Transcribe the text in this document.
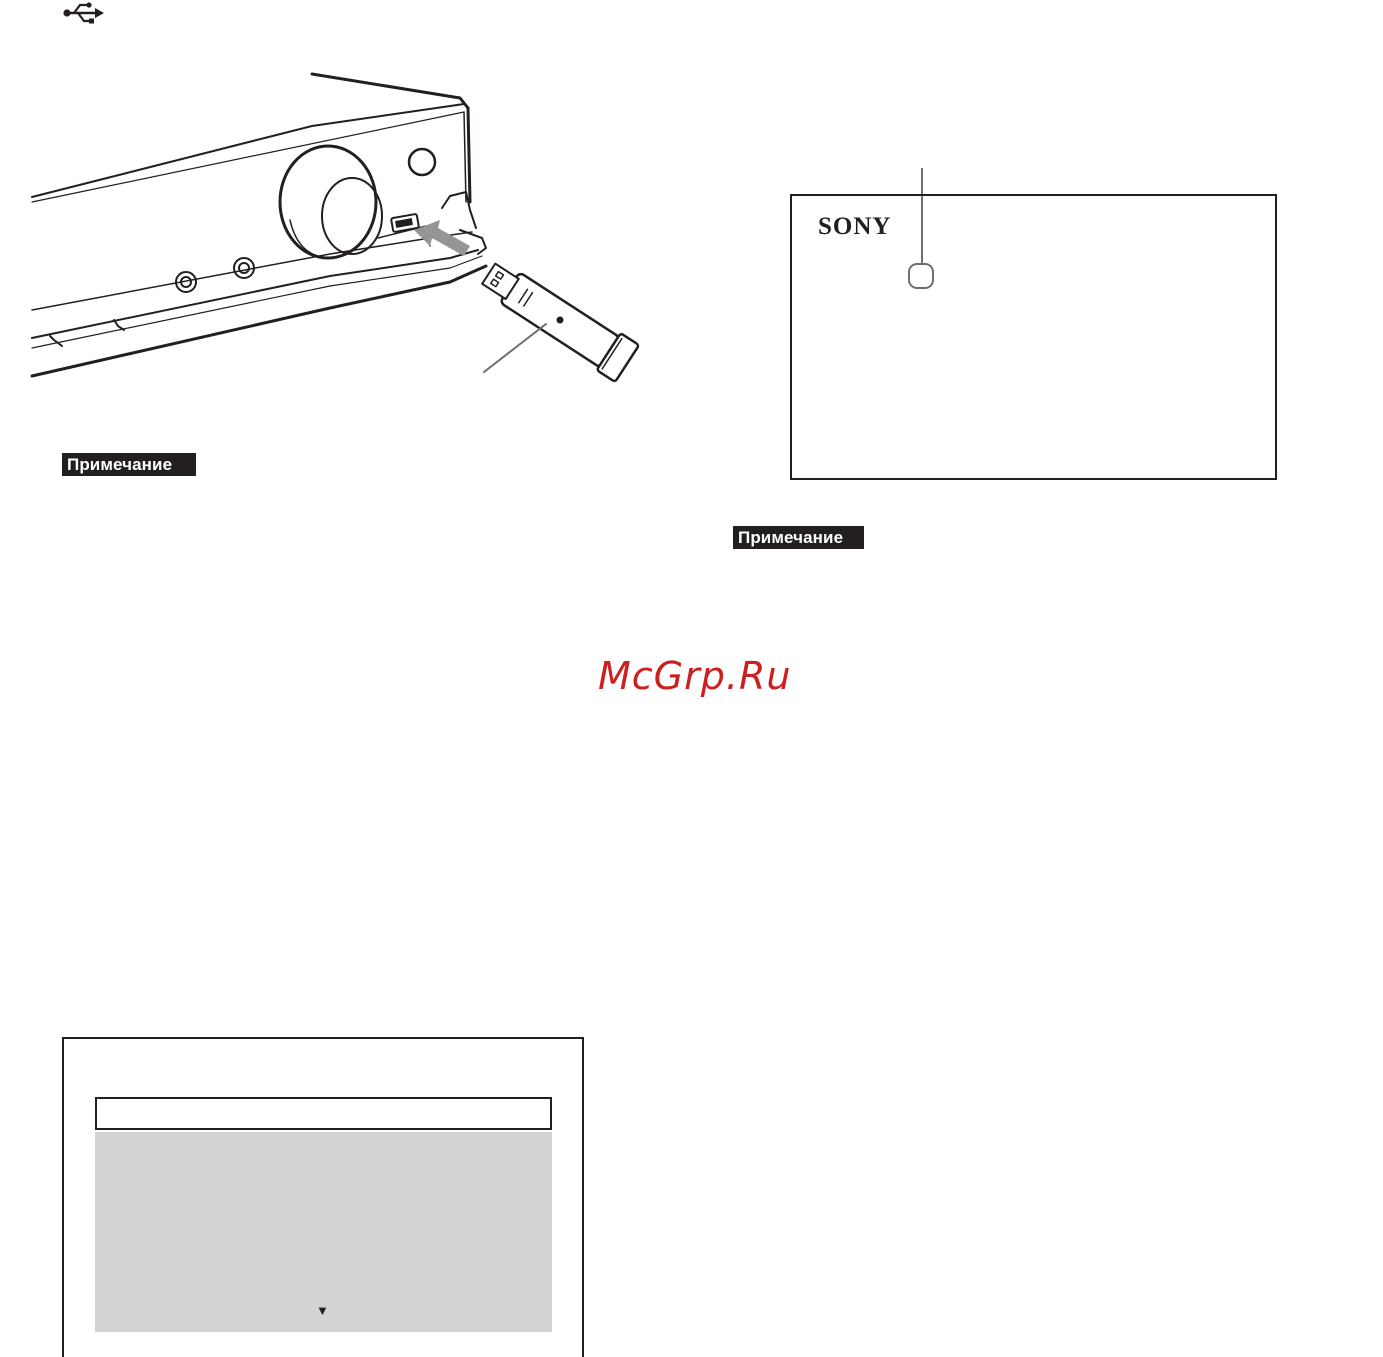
Примечание
Примечание
SONY
McGrp.Ru
▼
